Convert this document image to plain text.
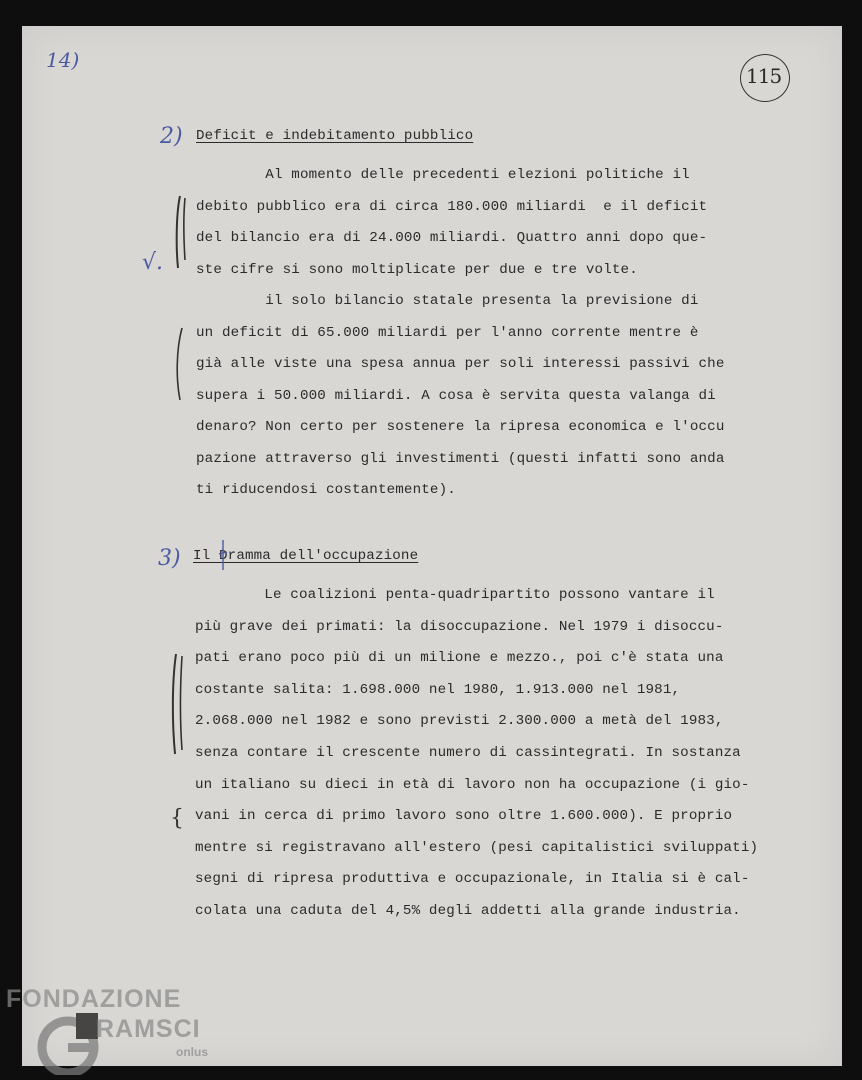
14)
115
2) Deficit e indebitamento pubblico
Al momento delle precedenti elezioni politiche il
debito pubblico era di circa 180.000 miliardi  e il deficit
del bilancio era di 24.000 miliardi. Quattro anni dopo que-
ste cifre si sono moltiplicate per due e tre volte.
il solo bilancio statale presenta la previsione di
un deficit di 65.000 miliardi per l'anno corrente mentre è
già alle viste una spesa annua per soli interessi passivi che
supera i 50.000 miliardi. A cosa è servita questa valanga di
denaro? Non certo per sostenere la ripresa economica e l'occu
pazione attraverso gli investimenti (questi infatti sono anda
ti riducendosi costantemente).
√.
3) Il Dramma dell'occupazione
Le coalizioni penta-quadripartito possono vantare il
più grave dei primati: la disoccupazione. Nel 1979 i disoccu-
pati erano poco più di un milione e mezzo., poi c'è stata una
costante salita: 1.698.000 nel 1980, 1.913.000 nel 1981,
2.068.000 nel 1982 e sono previsti 2.300.000 a metà del 1983,
senza contare il crescente numero di cassintegrati. In sostanza
un italiano su dieci in età di lavoro non ha occupazione (i gio-
vani in cerca di primo lavoro sono oltre 1.600.000). E proprio
mentre si registravano all'estero (pesi capitalistici sviluppati)
segni di ripresa produttiva e occupazionale, in Italia si è cal-
colata una caduta del 4,5% degli addetti alla grande industria.
{
FONDAZIONE
RAMSCI
onlus
